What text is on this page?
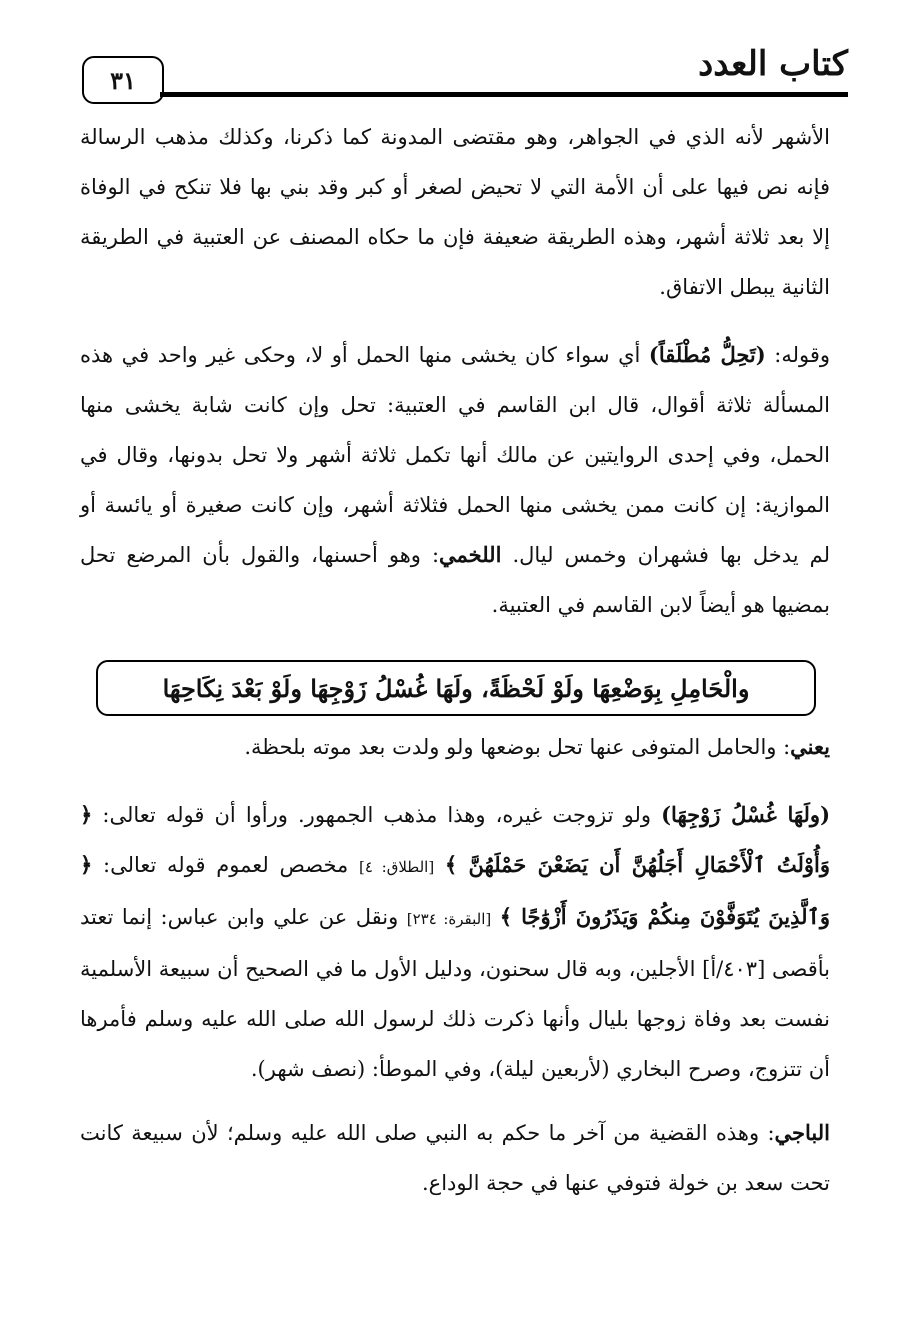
٣١	كتاب العدد
الأشهر لأنه الذي في الجواهر، وهو مقتضى المدونة كما ذكرنا، وكذلك مذهب الرسالة فإنه نص فيها على أن الأمة التي لا تحيض لصغر أو كبر وقد بني بها فلا تنكح في الوفاة إلا بعد ثلاثة أشهر، وهذه الطريقة ضعيفة فإن ما حكاه المصنف عن العتبية في الطريقة الثانية يبطل الاتفاق.
وقوله: (تَحِلُّ مُطْلَقاً) أي سواء كان يخشى منها الحمل أو لا، وحكى غير واحد في هذه المسألة ثلاثة أقوال، قال ابن القاسم في العتبية: تحل وإن كانت شابة يخشى منها الحمل، وفي إحدى الروايتين عن مالك أنها تكمل ثلاثة أشهر ولا تحل بدونها، وقال في الموازية: إن كانت ممن يخشى منها الحمل فثلاثة أشهر، وإن كانت صغيرة أو يائسة أو لم يدخل بها فشهران وخمس ليال. اللخمي: وهو أحسنها، والقول بأن المرضع تحل بمضيها هو أيضاً لابن القاسم في العتبية.
والْحَامِلِ بِوَضْعِهَا ولَوْ لَحْظَةً، ولَهَا غُسْلُ زَوْجِهَا ولَوْ بَعْدَ نِكَاحِهَا
يعني: والحامل المتوفى عنها تحل بوضعها ولو ولدت بعد موته بلحظة.
(ولَهَا غُسْلُ زَوْجِهَا) ولو تزوجت غيره، وهذا مذهب الجمهور. ورأوا أن قوله تعالى: ﴿ وَأُوْلَتُ ٱلْأَحْمَالِ أَجَلُهُنَّ أَن يَضَعْنَ حَمْلَهُنَّ ﴾ [الطلاق: ٤] مخصص لعموم قوله تعالى: ﴿ وَٱلَّذِينَ يُتَوَفَّوْنَ مِنكُمْ وَيَذَرُونَ أَزْوَٰجًا ﴾ [البقرة: ٢٣٤] ونقل عن علي وابن عباس: إنما تعتد بأقصى [٤٠٣/أ] الأجلين، وبه قال سحنون، ودليل الأول ما في الصحيح أن سبيعة الأسلمية نفست بعد وفاة زوجها بليال وأنها ذكرت ذلك لرسول الله صلى الله عليه وسلم فأمرها أن تتزوج، وصرح البخاري (لأربعين ليلة)، وفي الموطأ: (نصف شهر).
الباجي: وهذه القضية من آخر ما حكم به النبي صلى الله عليه وسلم؛ لأن سبيعة كانت تحت سعد بن خولة فتوفي عنها في حجة الوداع.
